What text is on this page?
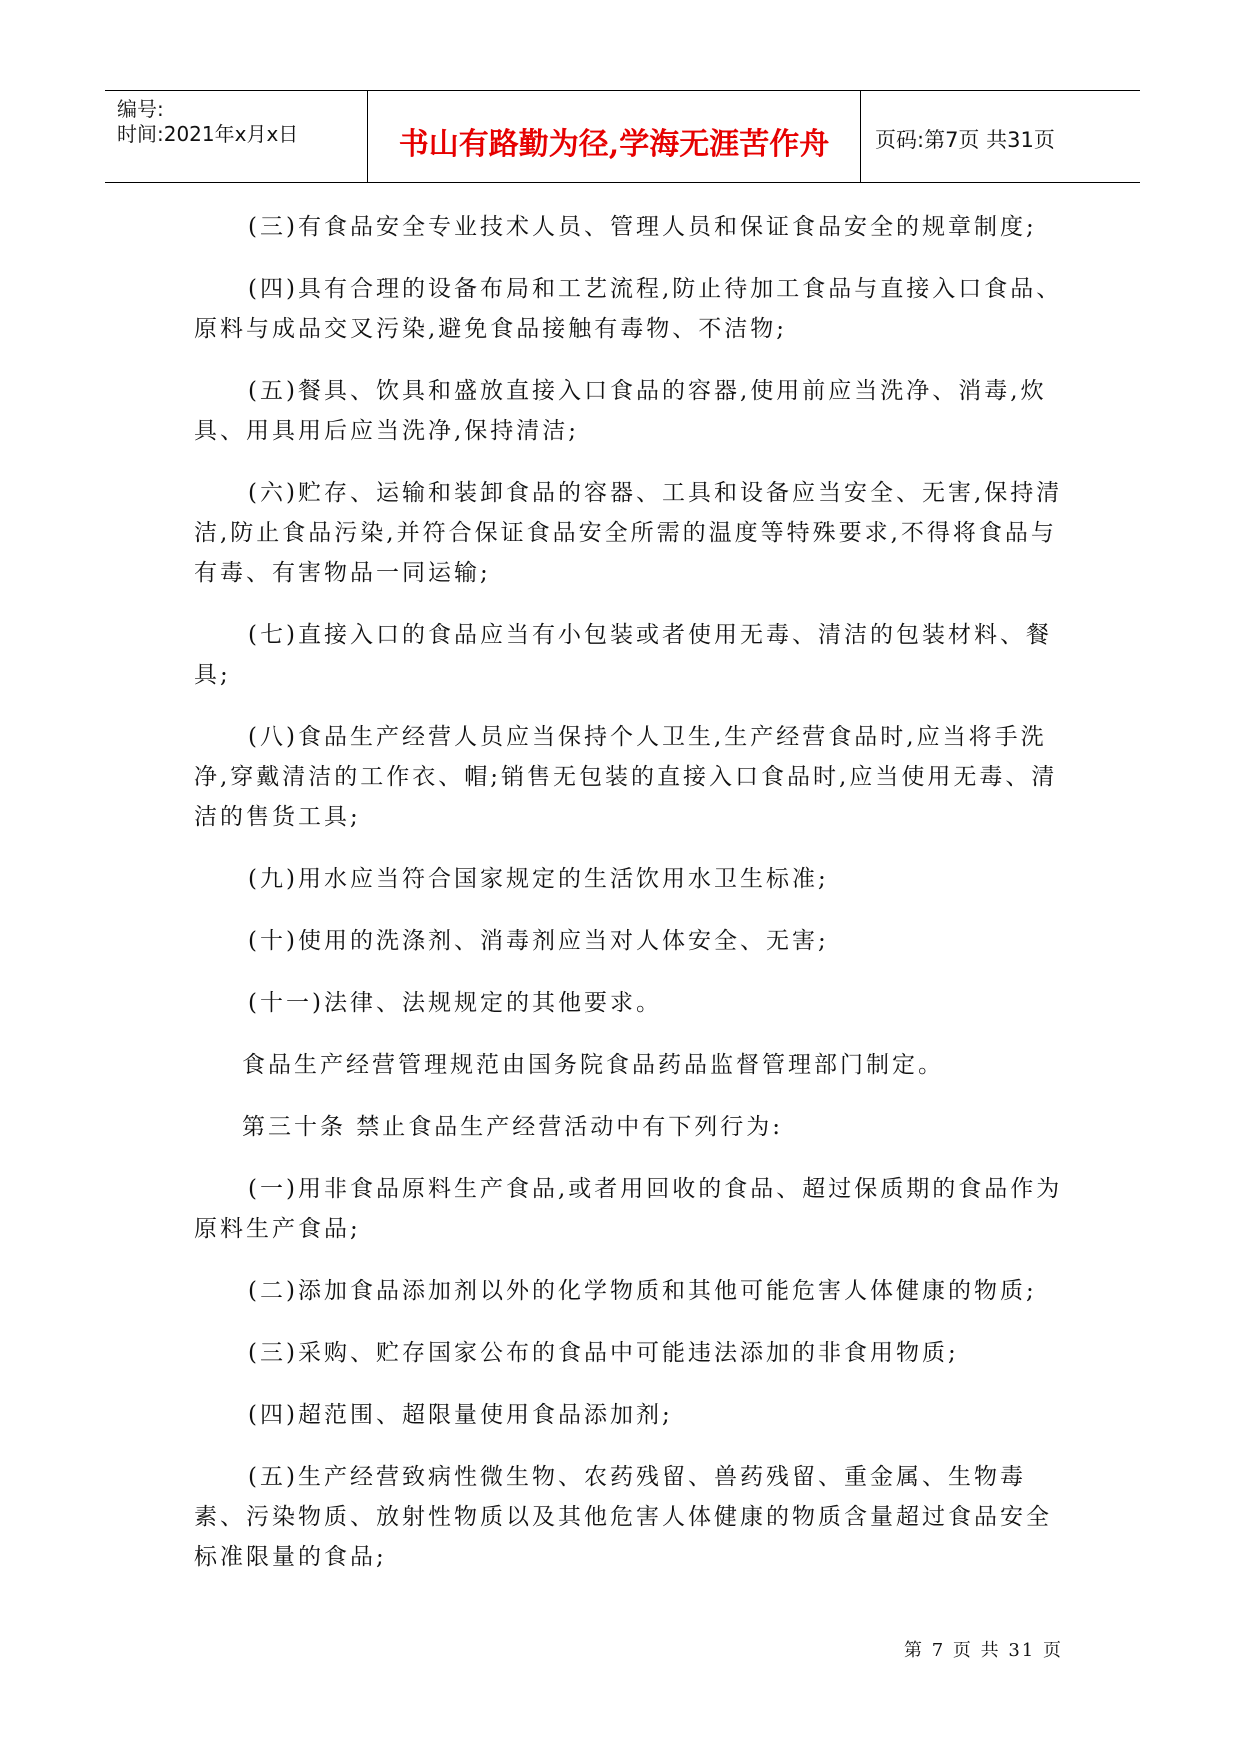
编号:
时间:2021年x月x日	书山有路勤为径,学海无涯苦作舟	页码:第7页 共31页

(三)有食品安全专业技术人员、管理人员和保证食品安全的规章制度;

(四)具有合理的设备布局和工艺流程,防止待加工食品与直接入口食品、原料与成品交叉污染,避免食品接触有毒物、不洁物;

(五)餐具、饮具和盛放直接入口食品的容器,使用前应当洗净、消毒,炊具、用具用后应当洗净,保持清洁;

(六)贮存、运输和装卸食品的容器、工具和设备应当安全、无害,保持清洁,防止食品污染,并符合保证食品安全所需的温度等特殊要求,不得将食品与有毒、有害物品一同运输;

(七)直接入口的食品应当有小包装或者使用无毒、清洁的包装材料、餐具;

(八)食品生产经营人员应当保持个人卫生,生产经营食品时,应当将手洗净,穿戴清洁的工作衣、帽;销售无包装的直接入口食品时,应当使用无毒、清洁的售货工具;

(九)用水应当符合国家规定的生活饮用水卫生标准;

(十)使用的洗涤剂、消毒剂应当对人体安全、无害;

(十一)法律、法规规定的其他要求。

食品生产经营管理规范由国务院食品药品监督管理部门制定。

第三十条 禁止食品生产经营活动中有下列行为:

(一)用非食品原料生产食品,或者用回收的食品、超过保质期的食品作为原料生产食品;

(二)添加食品添加剂以外的化学物质和其他可能危害人体健康的物质;

(三)采购、贮存国家公布的食品中可能违法添加的非食用物质;

(四)超范围、超限量使用食品添加剂;

(五)生产经营致病性微生物、农药残留、兽药残留、重金属、生物毒素、污染物质、放射性物质以及其他危害人体健康的物质含量超过食品安全标准限量的食品;

第 7 页 共 31 页
